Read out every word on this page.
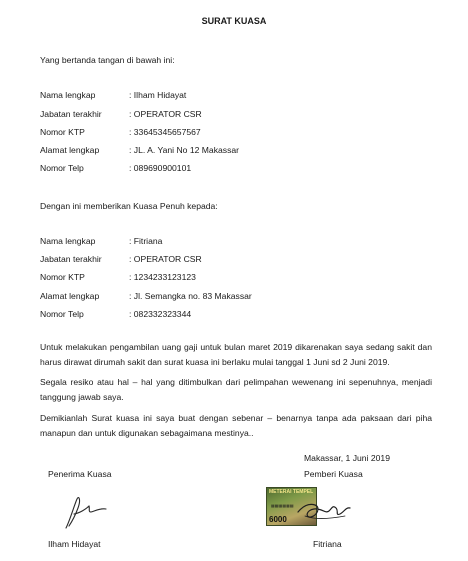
SURAT KUASA
Yang bertanda tangan di bawah ini:
Nama lengkap	: Ilham Hidayat
Jabatan terakhir	: OPERATOR CSR
Nomor KTP	: 33645345657567
Alamat lengkap	: JL. A. Yani No 12 Makassar
Nomor Telp	: 089690900101
Dengan ini memberikan Kuasa Penuh kepada:
Nama lengkap	: Fitriana
Jabatan terakhir	: OPERATOR CSR
Nomor KTP	: 1234233123123
Alamat lengkap	: Jl. Semangka no. 83 Makassar
Nomor Telp	: 082332323344
Untuk melakukan pengambilan uang gaji untuk bulan maret 2019 dikarenakan saya sedang sakit dan harus dirawat dirumah sakit dan surat kuasa ini berlaku mulai tanggal 1 Juni sd 2 Juni 2019.
Segala resiko atau hal – hal yang ditimbulkan dari pelimpahan wewenang ini sepenuhnya, menjadi tanggung jawab saya.
Demikianlah Surat kuasa ini saya buat dengan sebenar – benarnya tanpa ada paksaan dari piha manapun dan untuk digunakan sebagaimana mestinya..
Makassar, 1 Juni 2019
Penerima Kuasa
Ilham Hidayat
Pemberi Kuasa
METERAI TEMPEL
▦▦▦▦▦▦
6000
Fitriana
